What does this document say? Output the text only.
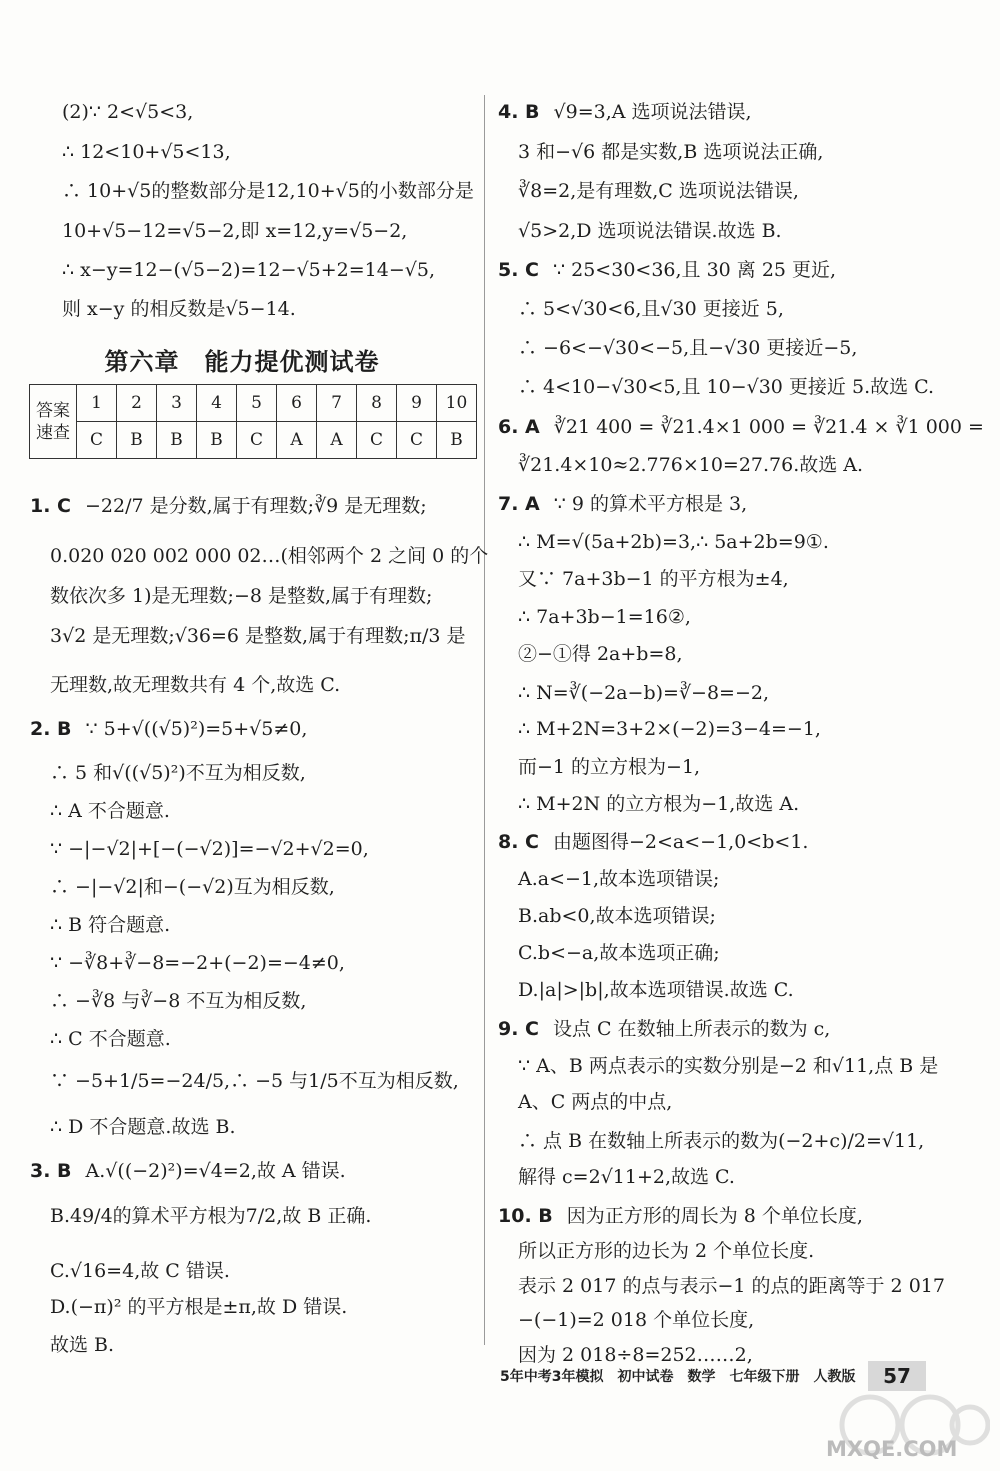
(2)∵ 2<√5<3,
∴ 12<10+√5<13,
∴ 10+√5的整数部分是12,10+√5的小数部分是
10+√5−12=√5−2,即 x=12,y=√5−2,
∴ x−y=12−(√5−2)=12−√5+2=14−√5,
则 x−y 的相反数是√5−14.
第六章　能力提优测试卷
答案速查	1	2	3	4	5	6	7	8	9	10
	C	B	B	B	C	A	A	C	C	B
1. C −22/7 是分数,属于有理数;∛9 是无理数;
0.020 020 002 000 02…(相邻两个 2 之间 0 的个
数依次多 1)是无理数;−8 是整数,属于有理数;
3√2 是无理数;√36=6 是整数,属于有理数;π/3 是
无理数,故无理数共有 4 个,故选 C.
2. B ∵ 5+√((√5)²)=5+√5≠0,
∴ 5 和√((√5)²)不互为相反数,
∴ A 不合题意.
∵ −|−√2|+[−(−√2)]=−√2+√2=0,
∴ −|−√2|和−(−√2)互为相反数,
∴ B 符合题意.
∵ −∛8+∛−8=−2+(−2)=−4≠0,
∴ −∛8 与∛−8 不互为相反数,
∴ C 不合题意.
∵ −5+1/5=−24/5,∴ −5 与1/5不互为相反数,
∴ D 不合题意.故选 B.
3. B A.√((−2)²)=√4=2,故 A 错误.
B.49/4的算术平方根为7/2,故 B 正确.
C.√16=4,故 C 错误.
D.(−π)² 的平方根是±π,故 D 错误.
故选 B.
4. B √9=3,A 选项说法错误,
3 和−√6 都是实数,B 选项说法正确,
∛8=2,是有理数,C 选项说法错误,
√5>2,D 选项说法错误.故选 B.
5. C ∵ 25<30<36,且 30 离 25 更近,
∴ 5<√30<6,且√30 更接近 5,
∴ −6<−√30<−5,且−√30 更接近−5,
∴ 4<10−√30<5,且 10−√30 更接近 5.故选 C.
6. A ∛21 400 = ∛21.4×1 000 = ∛21.4 × ∛1 000 =
∛21.4×10≈2.776×10=27.76.故选 A.
7. A ∵ 9 的算术平方根是 3,
∴ M=√(5a+2b)=3,∴ 5a+2b=9①.
又∵ 7a+3b−1 的平方根为±4,
∴ 7a+3b−1=16②,
②−①得 2a+b=8,
∴ N=∛(−2a−b)=∛−8=−2,
∴ M+2N=3+2×(−2)=3−4=−1,
而−1 的立方根为−1,
∴ M+2N 的立方根为−1,故选 A.
8. C 由题图得−2<a<−1,0<b<1.
A.a<−1,故本选项错误;
B.ab<0,故本选项错误;
C.b<−a,故本选项正确;
D.|a|>|b|,故本选项错误.故选 C.
9. C 设点 C 在数轴上所表示的数为 c,
∵ A、B 两点表示的实数分别是−2 和√11,点 B 是
A、C 两点的中点,
∴ 点 B 在数轴上所表示的数为(−2+c)/2=√11,
解得 c=2√11+2,故选 C.
10. B 因为正方形的周长为 8 个单位长度,
所以正方形的边长为 2 个单位长度.
表示 2 017 的点与表示−1 的点的距离等于 2 017
−(−1)=2 018 个单位长度,
因为 2 018÷8=252……2,
5年中考3年模拟　初中试卷　数学　七年级下册　人教版	57
MXQE.COM
